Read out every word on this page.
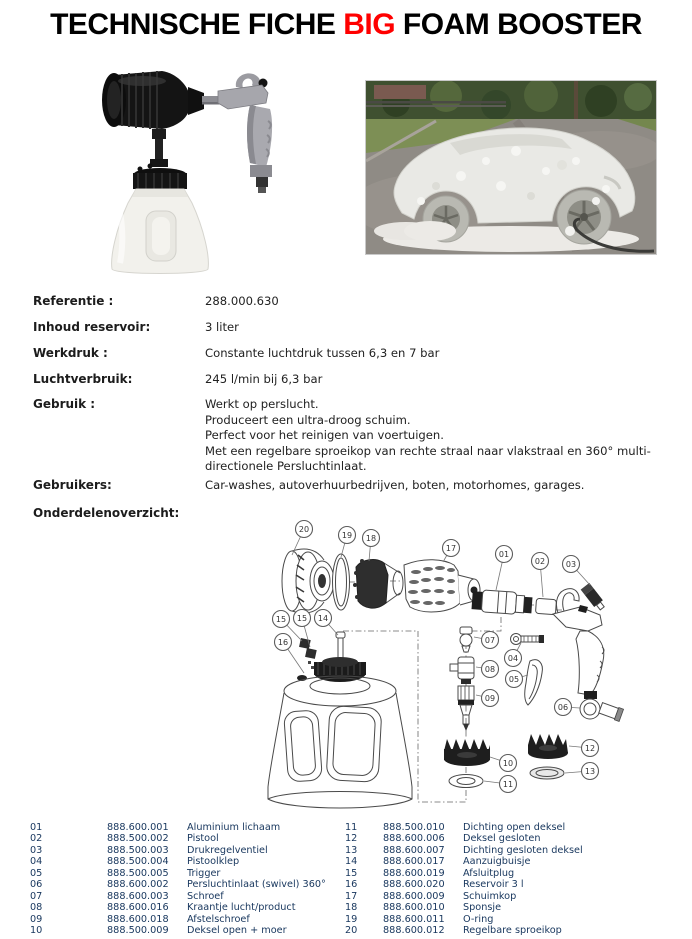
TECHNISCHE FICHE BIG FOAM BOOSTER
Referentie :	288.000.630
Inhoud reservoir:	3 liter
Werkdruk :	Constante luchtdruk tussen 6,3 en 7 bar
Luchtverbruik:	245 l/min bij 6,3 bar
Gebruik :	Werkt op perslucht.
Produceert een ultra-droog schuim.
Perfect voor het reinigen van voertuigen.
Met een regelbare sproeikop van rechte straal naar vlakstraal en 360° multi-
directionele Persluchtinlaat.
Gebruikers:	Car-washes, autoverhuurbedrijven, boten, motorhomes, garages.
Onderdelenoverzicht:
20
19 18
17
01
02	03
15 15 14
16	07
04
08
05
09
06
10
11
12
13
01	888.600.001	Aluminium lichaam
02	888.500.002	Pistool
03	888.500.003	Drukregelventiel
04	888.500.004	Pistoolklep
05	888.500.005	Trigger
06	888.600.002	Persluchtinlaat (swivel) 360°
07	888.600.003	Schroef
08	888.600.016	Kraantje lucht/product
09	888.600.018	Afstelschroef
10	888.500.009	Deksel open + moer
11	888.500.010	Dichting open deksel
12	888.600.006	Deksel gesloten
13	888.600.007	Dichting gesloten deksel
14	888.600.017	Aanzuigbuisje
15	888.600.019	Afsluitplug
16	888.600.020	Reservoir 3 l
17	888.600.009	Schuimkop
18	888.600.010	Sponsje
19	888.600.011	O-ring
20	888.600.012	Regelbare sproeikop
